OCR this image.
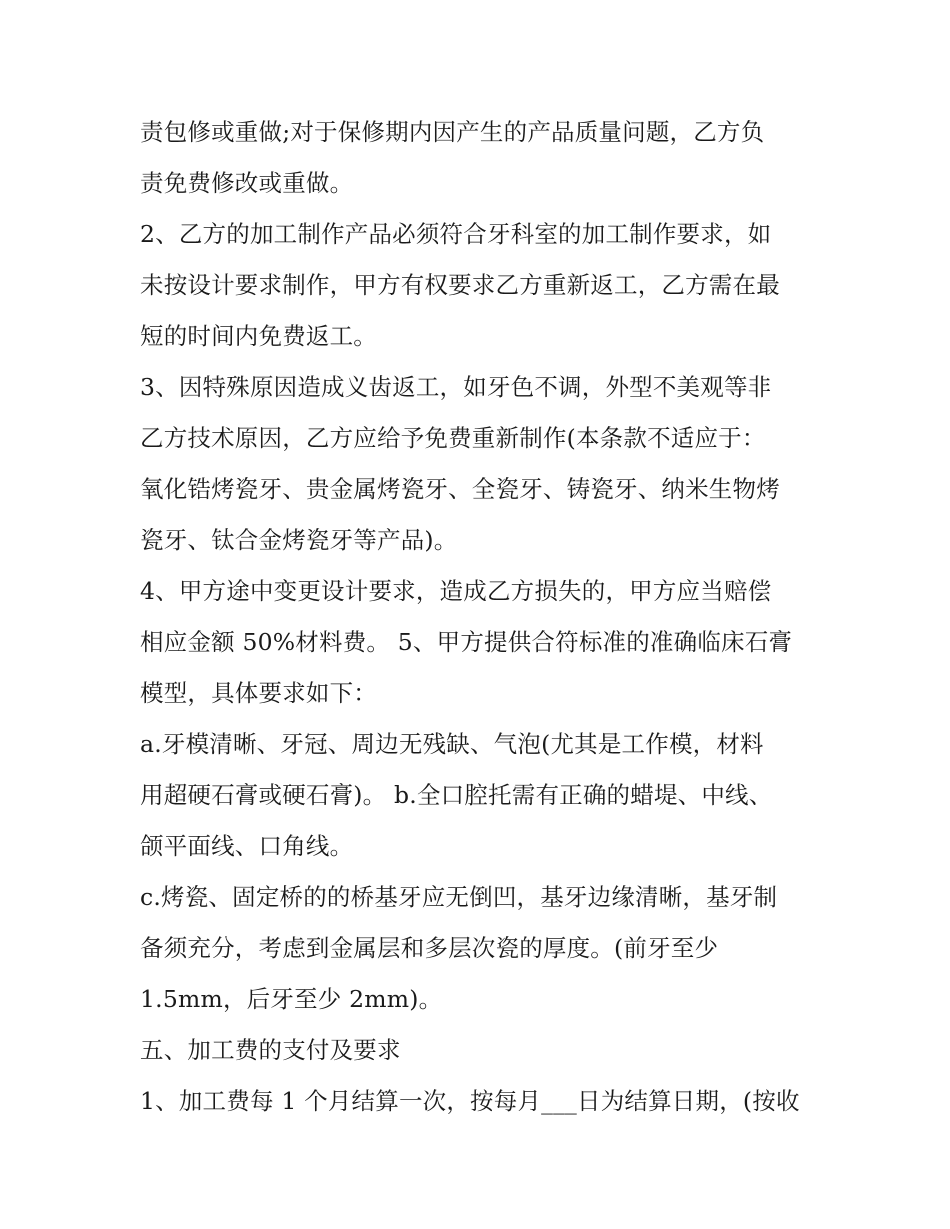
责包修或重做;对于保修期内因产生的产品质量问题，乙方负
责免费修改或重做。
2、乙方的加工制作产品必须符合牙科室的加工制作要求，如
未按设计要求制作，甲方有权要求乙方重新返工，乙方需在最
短的时间内免费返工。
3、因特殊原因造成义齿返工，如牙色不调，外型不美观等非
乙方技术原因，乙方应给予免费重新制作(本条款不适应于：
氧化锆烤瓷牙、贵金属烤瓷牙、全瓷牙、铸瓷牙、纳米生物烤
瓷牙、钛合金烤瓷牙等产品)。
4、甲方途中变更设计要求，造成乙方损失的，甲方应当赔偿
相应金额 50%材料费。 5、甲方提供合符标准的准确临床石膏
模型，具体要求如下：
a.牙模清晰、牙冠、周边无残缺、气泡(尤其是工作模，材料
用超硬石膏或硬石膏)。 b.全口腔托需有正确的蜡堤、中线、
颌平面线、口角线。
c.烤瓷、固定桥的的桥基牙应无倒凹，基牙边缘清晰，基牙制
备须充分，考虑到金属层和多层次瓷的厚度。(前牙至少
1.5mm，后牙至少 2mm)。
五、加工费的支付及要求
1、加工费每 1 个月结算一次，按每月___日为结算日期，(按收
